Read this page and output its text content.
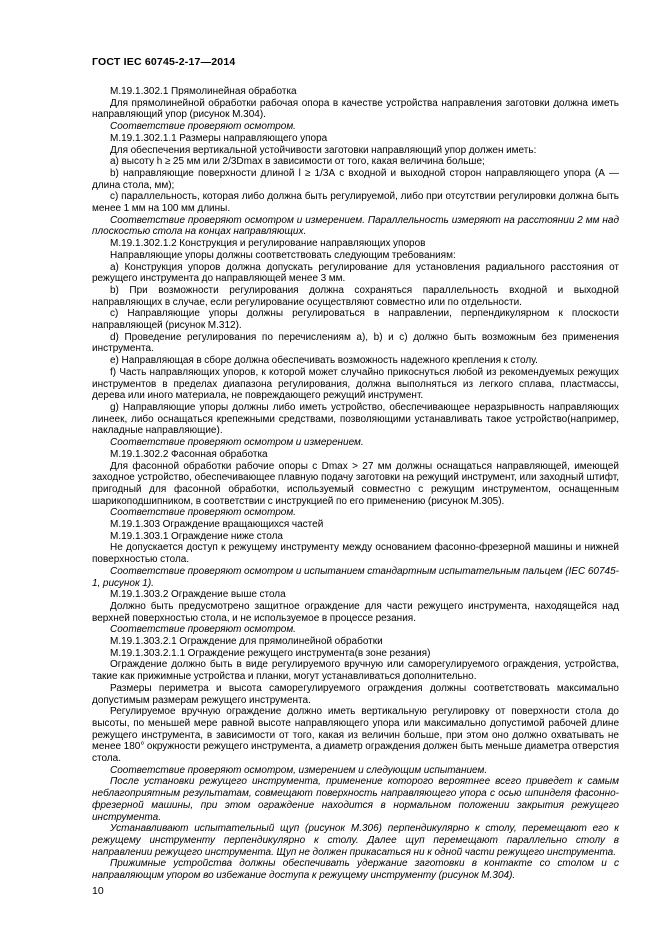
ГОСТ IEC 60745-2-17—2014

М.19.1.302.1 Прямолинейная обработка

Для прямолинейной обработки рабочая опора в качестве устройства направления заготовки должна иметь направляющий упор (рисунок М.304).

Соответствие проверяют осмотром.

М.19.1.302.1.1 Размеры направляющего упора

Для обеспечения вертикальной устойчивости заготовки направляющий упор должен иметь:

а) высоту h ≥ 25 мм или 2/3Dmax в зависимости от того, какая величина больше;

b) направляющие поверхности длиной l ≥ 1/3А с входной и выходной сторон направляющего упора (А — длина стола, мм);

с) параллельность, которая либо должна быть регулируемой, либо при отсутствии регулировки должна быть менее 1 мм на 100 мм длины.

Соответствие проверяют осмотром и измерением. Параллельность измеряют на расстоянии 2 мм над плоскостью стола на концах направляющих.

М.19.1.302.1.2 Конструкция и регулирование направляющих упоров

Направляющие упоры должны соответствовать следующим требованиям:

а) Конструкция упоров должна допускать регулирование для установления радиального расстояния от режущего инструмента до направляющей менее 3 мм.

b) При возможности регулирования должна сохраняться параллельность входной и выходной направляющих в случае, если регулирование осуществляют совместно или по отдельности.

с) Направляющие упоры должны регулироваться в направлении, перпендикулярном к плоскости направляющей (рисунок М.312).

d) Проведение регулирования по перечислениям а), b) и с) должно быть возможным без применения инструмента.

е) Направляющая в сборе должна обеспечивать возможность надежного крепления к столу.

f) Часть направляющих упоров, к которой может случайно прикоснуться любой из рекомендуемых режущих инструментов в пределах диапазона регулирования, должна выполняться из легкого сплава, пластмассы, дерева или иного материала, не повреждающего режущий инструмент.

g) Направляющие упоры должны либо иметь устройство, обеспечивающее неразрывность направляющих линеек, либо оснащаться крепежными средствами, позволяющими устанавливать такое устройство(например, накладные направляющие).

Соответствие проверяют осмотром и измерением.

М.19.1.302.2 Фасонная обработка

Для фасонной обработки рабочие опоры с Dmax > 27 мм должны оснащаться направляющей, имеющей заходное устройство, обеспечивающее плавную подачу заготовки на режущий инструмент, или заходный штифт, пригодный для фасонной обработки, используемый совместно с режущим инструментом, оснащенным шарикоподшипником, в соответствии с инструкцией по его применению (рисунок М.305).

Соответствие проверяют осмотром.

М.19.1.303 Ограждение вращающихся частей

М.19.1.303.1 Ограждение ниже стола

Не допускается доступ к режущему инструменту между основанием фасонно-фрезерной машины и нижней поверхностью стола.

Соответствие проверяют осмотром и испытанием стандартным испытательным пальцем (IEC 60745-1, рисунок 1).

М.19.1.303.2 Ограждение выше стола

Должно быть предусмотрено защитное ограждение для части режущего инструмента, находящейся над верхней поверхностью стола, и не используемое в процессе резания.

Соответствие проверяют осмотром.

М.19.1.303.2.1 Ограждение для прямолинейной обработки

М.19.1.303.2.1.1 Ограждение режущего инструмента(в зоне резания)

Ограждение должно быть в виде регулируемого вручную или саморегулируемого ограждения, устройства, такие как прижимные устройства и планки, могут устанавливаться дополнительно.

Размеры периметра и высота саморегулируемого ограждения должны соответствовать максимально допустимым размерам режущего инструмента.

Регулируемое вручную ограждение должно иметь вертикальную регулировку от поверхности стола до высоты, по меньшей мере равной высоте направляющего упора или максимально допустимой рабочей длине режущего инструмента, в зависимости от того, какая из величин больше, при этом оно должно охватывать не менее 180° окружности режущего инструмента, а диаметр ограждения должен быть меньше диаметра отверстия стола.

Соответствие проверяют осмотром, измерением и следующим испытанием.

После установки режущего инструмента, применение которого вероятнее всего приведет к самым неблагоприятным результатам, совмещают поверхность направляющего упора с осью шпинделя фасонно-фрезерной машины, при этом ограждение находится в нормальном положении закрытия режущего инструмента.

Устанавливают испытательный щуп (рисунок М.306) перпендикулярно к столу, перемещают его к режущему инструменту перпендикулярно к столу. Далее щуп перемещают параллельно столу в направлении режущего инструмента. Щуп не должен прикасаться ни к одной части режущего инструмента.

Прижимные устройства должны обеспечивать удержание заготовки в контакте со столом и с направляющим упором во избежание доступа к режущему инструменту (рисунок М.304).

10
